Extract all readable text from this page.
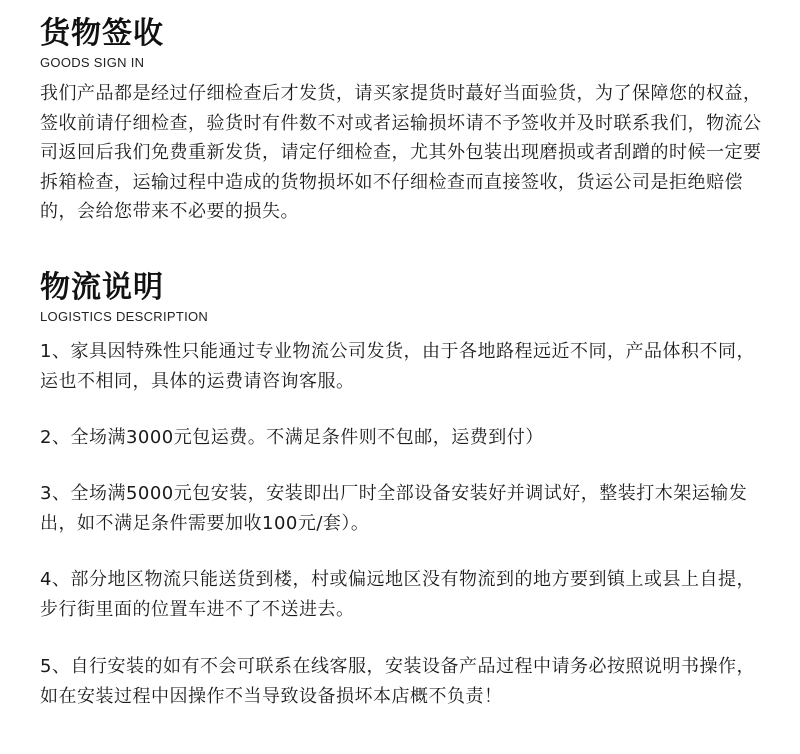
货物签收
GOODS SIGN IN

我们产品都是经过仔细检查后才发货，请买家提货时蕞好当面验货，为了保障您的权益，签收前请仔细检查，验货时有件数不对或者运输损坏请不予签收并及时联系我们，物流公司返回后我们免费重新发货，请定仔细检查，尤其外包装出现磨损或者刮蹭的时候一定要拆箱检查，运输过程中造成的货物损坏如不仔细检查而直接签收，货运公司是拒绝赔偿的，会给您带来不必要的损失。

物流说明
LOGISTICS DESCRIPTION

1、家具因特殊性只能通过专业物流公司发货，由于各地路程远近不同，产品体积不同，运也不相同，具体的运费请咨询客服。

2、全场满3000元包运费。不满足条件则不包邮，运费到付）

3、全场满5000元包安装，安装即出厂时全部设备安装好并调试好，整装打木架运输发出，如不满足条件需要加收100元/套）。

4、部分地区物流只能送货到楼，村或偏远地区没有物流到的地方要到镇上或县上自提，步行街里面的位置车进不了不送进去。

5、自行安装的如有不会可联系在线客服，安装设备产品过程中请务必按照说明书操作，如在安装过程中因操作不当导致设备损坏本店概不负责！
